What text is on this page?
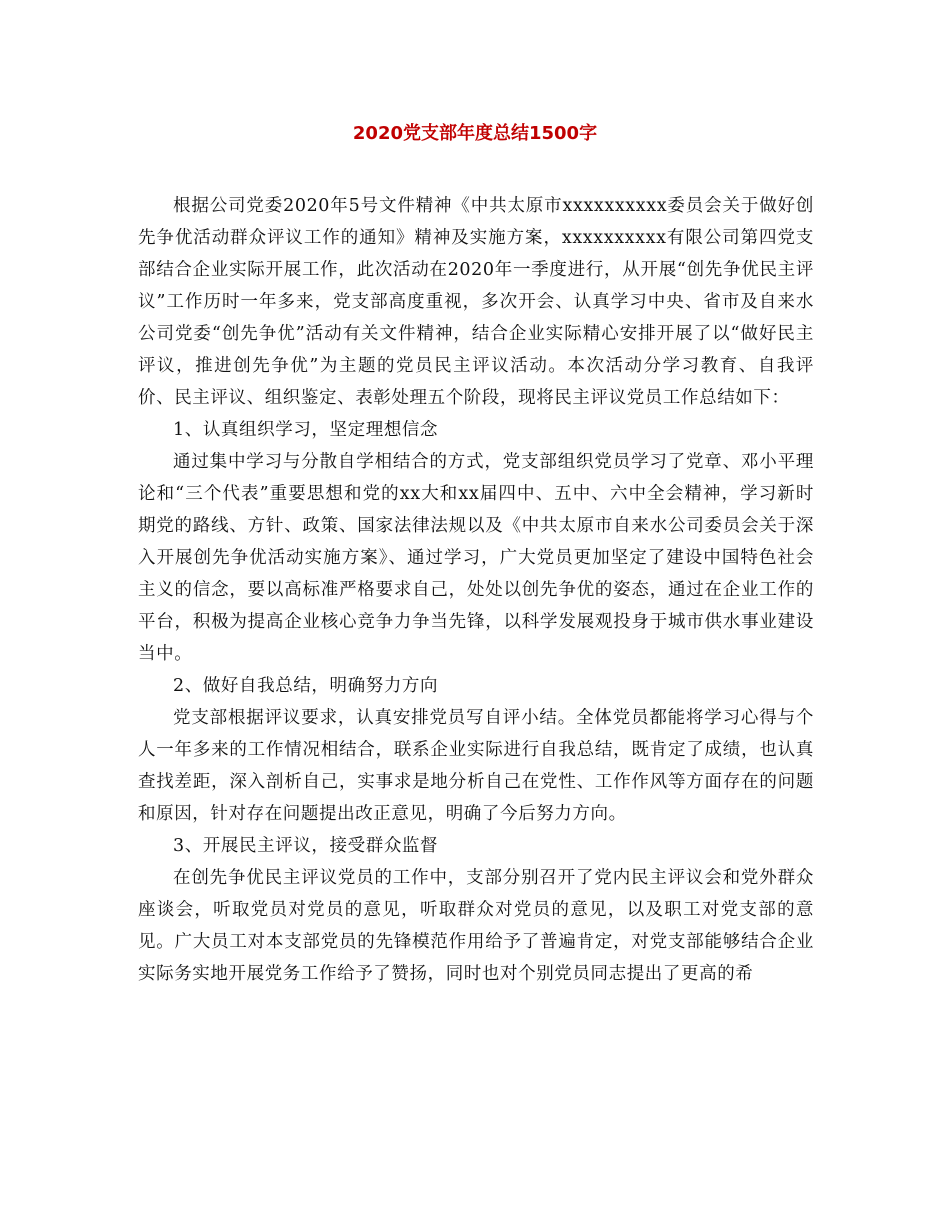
2020党支部年度总结1500字

根据公司党委2020年5号文件精神《中共太原市xxxxxxxxxx委员会关于做好创先争优活动群众评议工作的通知》精神及实施方案，xxxxxxxxxx有限公司第四党支部结合企业实际开展工作，此次活动在2020年一季度进行，从开展“创先争优民主评议”工作历时一年多来，党支部高度重视，多次开会、认真学习中央、省市及自来水公司党委“创先争优”活动有关文件精神，结合企业实际精心安排开展了以“做好民主评议，推进创先争优”为主题的党员民主评议活动。本次活动分学习教育、自我评价、民主评议、组织鉴定、表彰处理五个阶段，现将民主评议党员工作总结如下：

1、认真组织学习，坚定理想信念

通过集中学习与分散自学相结合的方式，党支部组织党员学习了党章、邓小平理论和“三个代表”重要思想和党的xx大和xx届四中、五中、六中全会精神，学习新时期党的路线、方针、政策、国家法律法规以及《中共太原市自来水公司委员会关于深入开展创先争优活动实施方案》、通过学习，广大党员更加坚定了建设中国特色社会主义的信念，要以高标准严格要求自己，处处以创先争优的姿态，通过在企业工作的平台，积极为提高企业核心竞争力争当先锋，以科学发展观投身于城市供水事业建设当中。

2、做好自我总结，明确努力方向

党支部根据评议要求，认真安排党员写自评小结。全体党员都能将学习心得与个人一年多来的工作情况相结合，联系企业实际进行自我总结，既肯定了成绩，也认真查找差距，深入剖析自己，实事求是地分析自己在党性、工作作风等方面存在的问题和原因，针对存在问题提出改正意见，明确了今后努力方向。

3、开展民主评议，接受群众监督

在创先争优民主评议党员的工作中，支部分别召开了党内民主评议会和党外群众座谈会，听取党员对党员的意见，听取群众对党员的意见，以及职工对党支部的意见。广大员工对本支部党员的先锋模范作用给予了普遍肯定，对党支部能够结合企业实际务实地开展党务工作给予了赞扬，同时也对个别党员同志提出了更高的希
